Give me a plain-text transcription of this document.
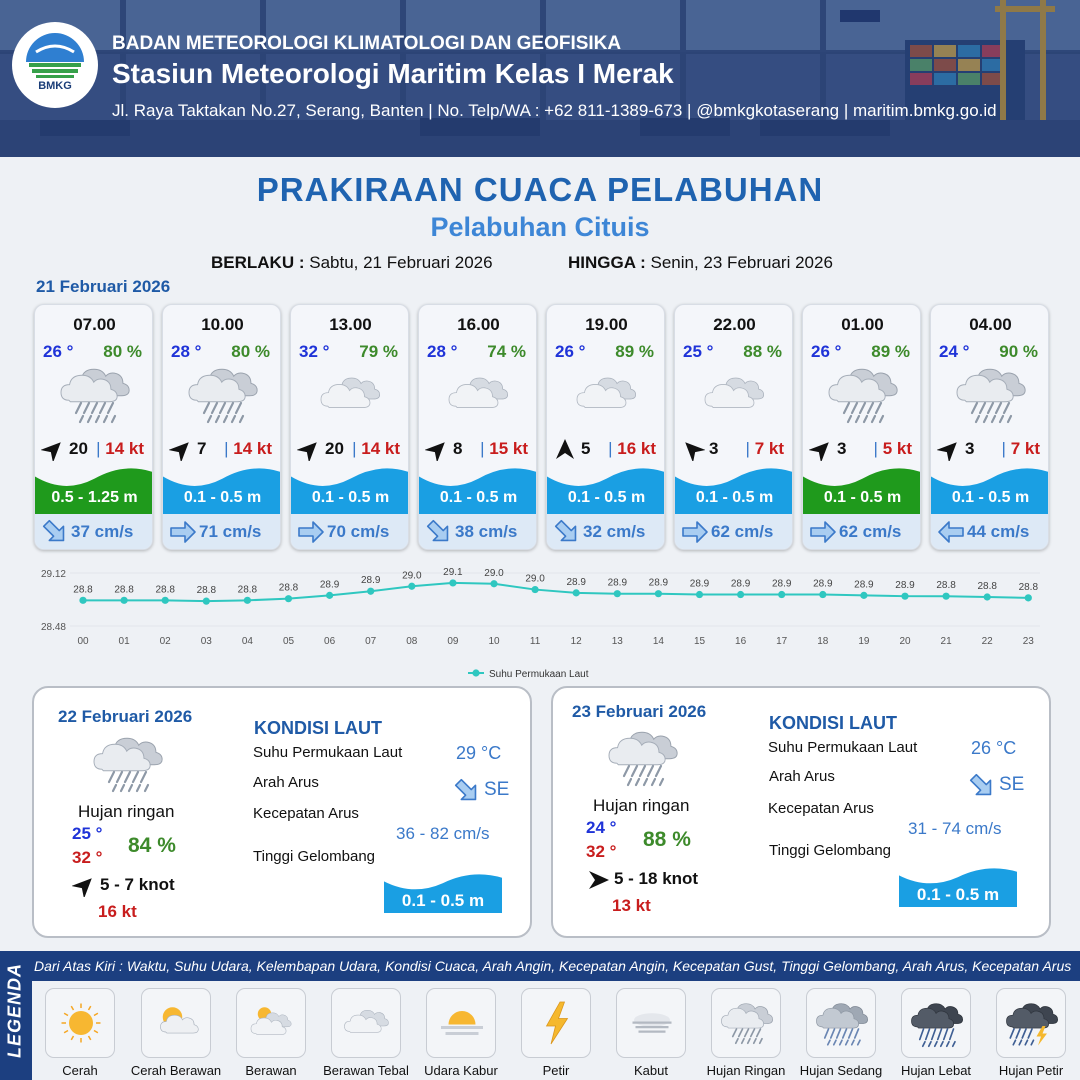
BMKG
BADAN METEOROLOGI KLIMATOLOGI DAN GEOFISIKA
Stasiun Meteorologi Maritim Kelas I Merak
Jl. Raya Taktakan No.27, Serang, Banten | No. Telp/WA : +62 811-1389-673 | @bmkgkotaserang | maritim.bmkg.go.id
PRAKIRAAN CUACA PELABUHAN
Pelabuhan Cituis
BERLAKU : Sabtu, 21 Februari 2026	HINGGA : Senin, 23 Februari 2026
21 Februari 2026
07.00
26 ° 80 %
20 | 14 kt
0.5 - 1.25 m
37 cm/s
10.00
28 ° 80 %
7 | 14 kt
0.1 - 0.5 m
71 cm/s
13.00
32 ° 79 %
20 | 14 kt
0.1 - 0.5 m
70 cm/s
16.00
28 ° 74 %
8 | 15 kt
0.1 - 0.5 m
38 cm/s
19.00
26 ° 89 %
5 | 16 kt
0.1 - 0.5 m
32 cm/s
22.00
25 ° 88 %
3 | 7 kt
0.1 - 0.5 m
62 cm/s
01.00
26 ° 89 %
3 | 5 kt
0.1 - 0.5 m
62 cm/s
04.00
24 ° 90 %
3 | 7 kt
0.1 - 0.5 m
44 cm/s
29.12
28.48
28.8
00
28.8
01
28.8
02
28.8
03
28.8
04
28.8
05
28.9
06
28.9
07
29.0
08
29.1
09
29.0
10
29.0
11
28.9
12
28.9
13
28.9
14
28.9
15
28.9
16
28.9
17
28.9
18
28.9
19
28.9
20
28.8
21
28.8
22
28.8
23
Suhu Permukaan Laut
22 Februari 2026
Hujan ringan
25 °
32 °
84 %
5 - 7 knot
16 kt
KONDISI LAUT
Suhu Permukaan Laut	29 °C
Arah Arus	SE
Kecepatan Arus
36 - 82 cm/s
Tinggi Gelombang
0.1 - 0.5 m
23 Februari 2026
Hujan ringan
24 °
32 °
88 %
5 - 18 knot
13 kt
KONDISI LAUT
Suhu Permukaan Laut	26 °C
Arah Arus	SE
Kecepatan Arus
31 - 74 cm/s
Tinggi Gelombang
0.1 - 0.5 m
Dari Atas Kiri : Waktu, Suhu Udara, Kelembapan Udara, Kondisi Cuaca, Arah Angin, Kecepatan Angin, Kecepatan Gust, Tinggi Gelombang, Arah Arus, Kecepatan Arus
LEGENDA
Cerah	Cerah Berawan	Berawan	Berawan Tebal	Udara Kabur	Petir	Kabut	Hujan Ringan	Hujan Sedang	Hujan Lebat	Hujan Petir
